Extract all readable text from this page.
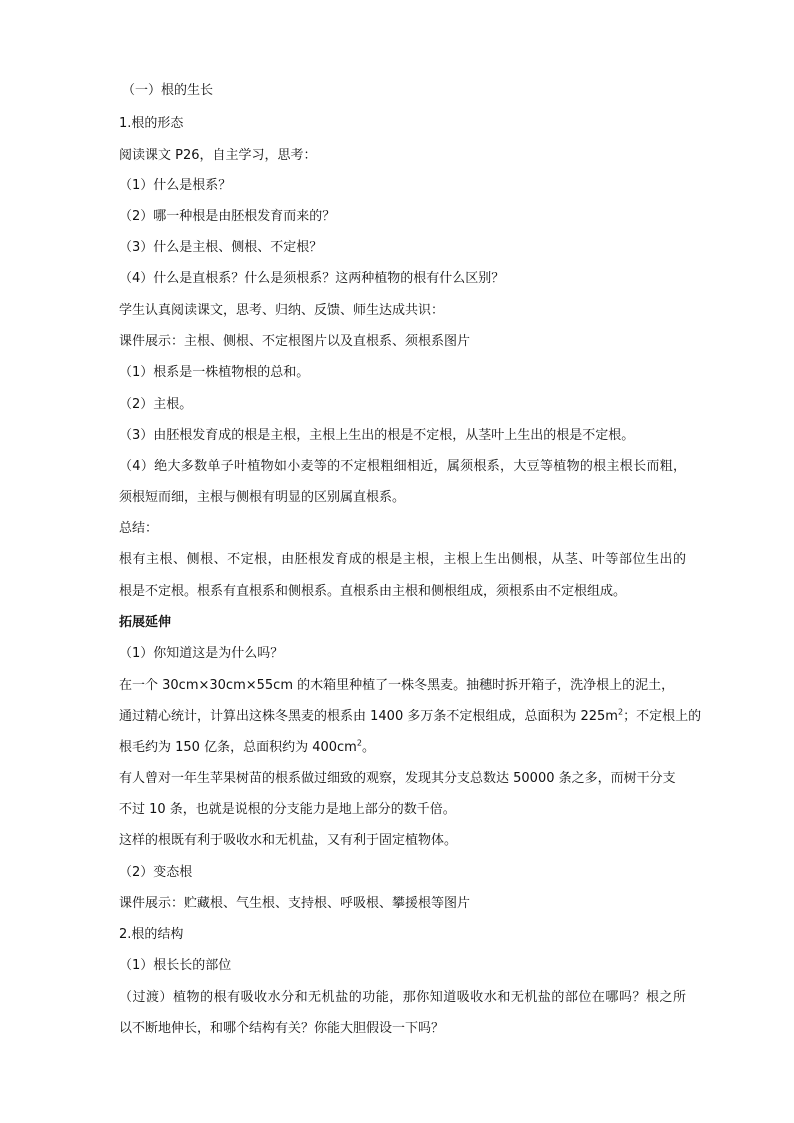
（一）根的生长
1.根的形态
阅读课文 P26，自主学习，思考：
（1）什么是根系？
（2）哪一种根是由胚根发育而来的？
（3）什么是主根、侧根、不定根？
（4）什么是直根系？什么是须根系？这两种植物的根有什么区别？
学生认真阅读课文，思考、归纳、反馈、师生达成共识：
课件展示：主根、侧根、不定根图片以及直根系、须根系图片
（1）根系是一株植物根的总和。
（2）主根。
（3）由胚根发育成的根是主根，主根上生出的根是不定根，从茎叶上生出的根是不定根。
（4）绝大多数单子叶植物如小麦等的不定根粗细相近，属须根系，大豆等植物的根主根长而粗，
须根短而细，主根与侧根有明显的区别属直根系。
总结：
根有主根、侧根、不定根，由胚根发育成的根是主根，主根上生出侧根，从茎、叶等部位生出的
根是不定根。根系有直根系和侧根系。直根系由主根和侧根组成，须根系由不定根组成。
拓展延伸
（1）你知道这是为什么吗？
在一个 30cm×30cm×55cm 的木箱里种植了一株冬黑麦。抽穗时拆开箱子，洗净根上的泥土，
通过精心统计，计算出这株冬黑麦的根系由 1400 多万条不定根组成，总面积为 $225m^2$；不定根上的
根毛约为 150 亿条，总面积约为 $400cm^2$。
有人曾对一年生苹果树苗的根系做过细致的观察，发现其分支总数达 50000 条之多，而树干分支
不过 10 条，也就是说根的分支能力是地上部分的数千倍。
这样的根既有利于吸收水和无机盐，又有利于固定植物体。
（2）变态根
课件展示：贮藏根、气生根、支持根、呼吸根、攀援根等图片
2.根的结构
（1）根长长的部位
（过渡）植物的根有吸收水分和无机盐的功能，那你知道吸收水和无机盐的部位在哪吗？根之所
以不断地伸长，和哪个结构有关？你能大胆假设一下吗？
